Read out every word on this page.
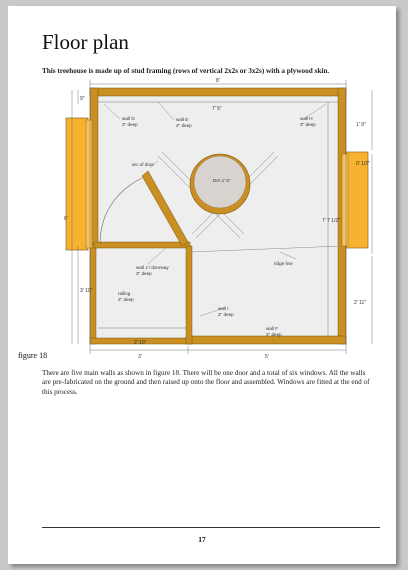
Floor plan
This treehouse is made up of stud framing (rows of vertical 2x2s or 3x2s) with a plywood skin.
wall G
3" deep
wall E
2" deep
wall H
3" deep
arc of door
DIA 1' 6"
wall J / doorway
3" deep
ridge line
railing
2" deep
wall I
2" deep
wall F
2" deep
8'
7' 5"
9"
6'
3' 10"
1' 9"
0' 1/2"
7' 7 1/2"
2' 11"
2' 10"
3'	5'
figure 18
There are five main walls as shown in figure 18. There will be one door and a total of six windows. All the walls are pre-fabricated on the ground and then raised up onto the floor and assembled. Windows are fitted at the end of this process.
17
